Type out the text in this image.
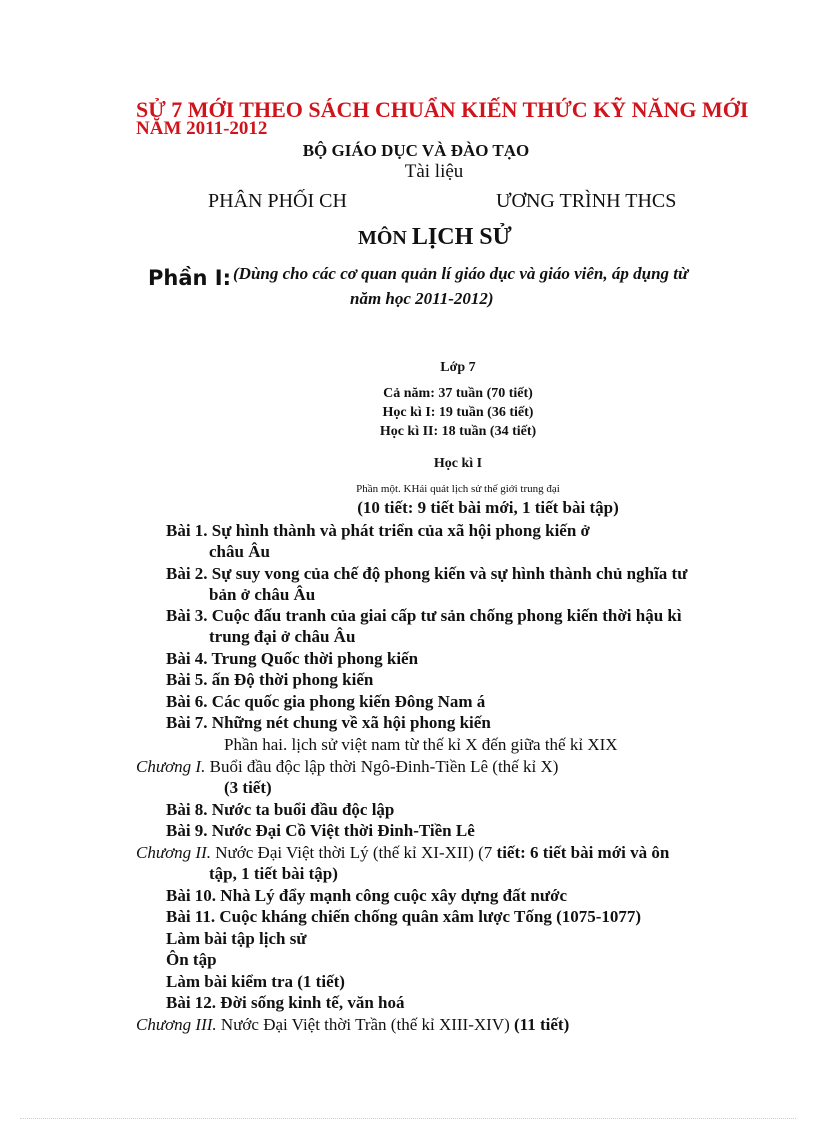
SỬ 7 MỚI THEO SÁCH CHUẨN KIẾN THỨC KỸ NĂNG MỚI
NĂM 2011-2012
BỘ GIÁO DỤC VÀ ĐÀO TẠO
Tài liệu
PHÂN PHỐI CH	ƯƠNG TRÌNH THCS
MÔN LỊCH SỬ
Phần I: (Dùng cho các cơ quan quản lí giáo dục và giáo viên, áp dụng từ
năm học 2011-2012)
Lớp 7
Cả năm: 37 tuần (70 tiết)
Học kì I: 19 tuần (36 tiết)
Học kì II: 18 tuần (34 tiết)
Học kì I
Phần một. KHái quát lịch sử thế giới trung đại
(10 tiết: 9 tiết bài mới, 1 tiết bài tập)
Bài 1. Sự hình thành và phát triển của xã hội phong kiến ở
châu Âu
Bài 2. Sự suy vong của chế độ phong kiến và sự hình thành chủ nghĩa tư
bản ở châu Âu
Bài 3. Cuộc đấu tranh của giai cấp tư sản chống phong kiến thời hậu kì
trung đại ở châu Âu
Bài 4. Trung Quốc thời phong kiến
Bài 5. ấn Độ thời phong kiến
Bài 6. Các quốc gia phong kiến Đông Nam á
Bài 7. Những nét chung về xã hội phong kiến
Phần hai. lịch sử việt nam từ thế kỉ X đến giữa thế kỉ XIX
Chương I. Buổi đầu độc lập thời Ngô-Đinh-Tiền Lê (thế kỉ X)
(3 tiết)
Bài 8. Nước ta buổi đầu độc lập
Bài 9. Nước Đại Cồ Việt thời Đinh-Tiền Lê
Chương II. Nước Đại Việt thời Lý (thế kỉ XI-XII) (7 tiết: 6 tiết bài mới và ôn
tập, 1 tiết bài tập)
Bài 10. Nhà Lý đẩy mạnh công cuộc xây dựng đất nước
Bài 11. Cuộc kháng chiến chống quân xâm lược Tống (1075-1077)
Làm bài tập lịch sử
Ôn tập
Làm bài kiểm tra (1 tiết)
Bài 12. Đời sống kinh tế, văn hoá
Chương III. Nước Đại Việt thời Trần (thế kỉ XIII-XIV) (11 tiết)
